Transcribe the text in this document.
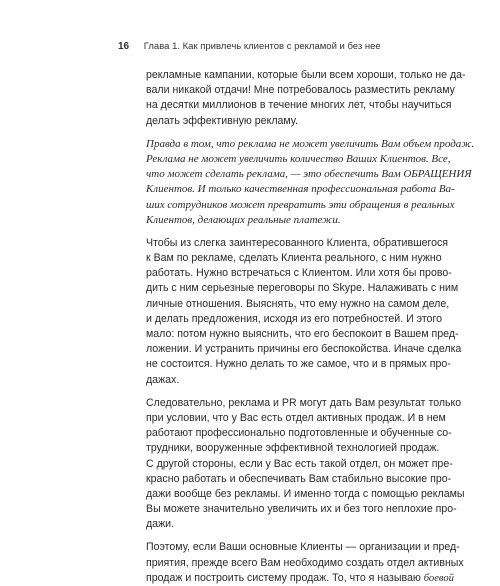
16 Глава 1. Как привлечь клиентов с рекламой и без нее
рекламные кампании, которые были всем хороши, только не да-
вали никакой отдачи! Мне потребовалось разместить рекламу
на десятки миллионов в течение многих лет, чтобы научиться
делать эффективную рекламу.
Правда в том, что реклама не может увеличить Вам объем продаж.
Реклама не может увеличить количество Ваших Клиентов. Все,
что может сделать реклама, — это обеспечить Вам ОБРАЩЕНИЯ
Клиентов. И только качественная профессиональная работа Ва-
ших сотрудников может превратить эти обращения в реальных
Клиентов, делающих реальные платежи.
Чтобы из слегка заинтересованного Клиента, обратившегося
к Вам по рекламе, сделать Клиента реального, с ним нужно
работать. Нужно встречаться с Клиентом. Или хотя бы прово-
дить с ним серьезные переговоры по Skype. Налаживать с ним
личные отношения. Выяснять, что ему нужно на самом деле,
и делать предложения, исходя из его потребностей. И этого
мало: потом нужно выяснить, что его беспокоит в Вашем пред-
ложении. И устранить причины его беспокойства. Иначе сделка
не состоится. Нужно делать то же самое, что и в прямых про-
дажах.
Следовательно, реклама и PR могут дать Вам результат только
при условии, что у Вас есть отдел активных продаж. И в нем
работают профессионально подготовленные и обученные со-
трудники, вооруженные эффективной технологией продаж.
С другой стороны, если у Вас есть такой отдел, он может пре-
красно работать и обеспечивать Вам стабильно высокие про-
дажи вообще без рекламы. И именно тогда с помощью рекламы
Вы можете значительно увеличить их и без того неплохие про-
дажи.
Поэтому, если Ваши основные Клиенты — организации и пред-
приятия, прежде всего Вам необходимо создать отдел активных
продаж и построить систему продаж. То, что я называю боевой
